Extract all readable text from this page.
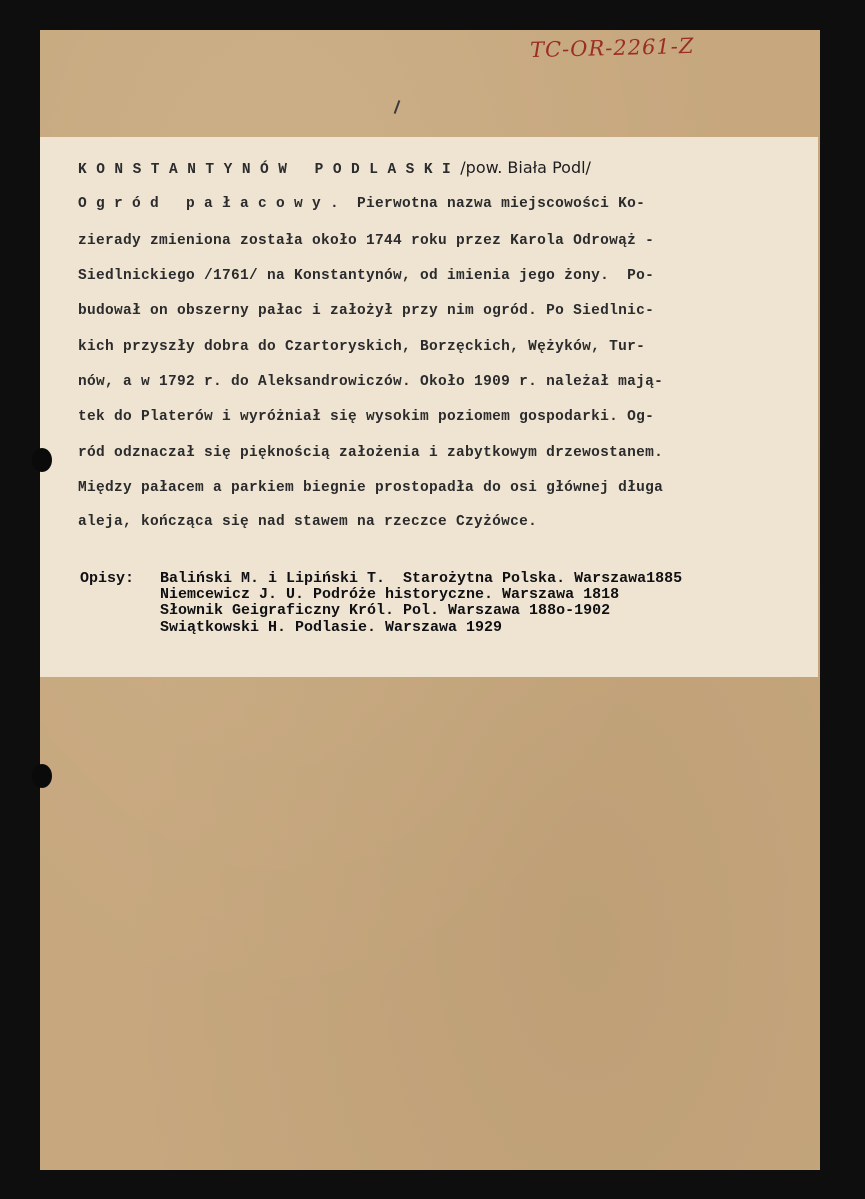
TC-OR-2261-Z
K O N S T A N T Y N Ó W   P O D L A S K I /pow. Biała Podl/
O g r ó d   p a ł a c o w y .  Pierwotna nazwa miejscowości Ko-
zierady zmieniona została około 1744 roku przez Karola Odrowąż -
Siedlnickiego /1761/ na Konstantynów, od imienia jego żony.  Po-
budował on obszerny pałac i założył przy nim ogród. Po Siedlnic-
kich przyszły dobra do Czartoryskich, Borzęckich, Wężyków, Tur-
nów, a w 1792 r. do Aleksandrowiczów. Około 1909 r. należał mają-
tek do Platerów i wyróżniał się wysokim poziomem gospodarki. Og-
ród odznaczał się pięknością założenia i zabytkowym drzewostanem.
Między pałacem a parkiem biegnie prostopadła do osi głównej długa
aleja, kończąca się nad stawem na rzeczce Czyżówce.
Opisy: Baliński M. i Lipiński T.  Starożytna Polska. Warszawa1885
Niemcewicz J. U. Podróże historyczne. Warszawa 1818
Słownik Geigraficzny Król. Pol. Warszawa 188o-1902
Swiątkowski H. Podlasie. Warszawa 1929
